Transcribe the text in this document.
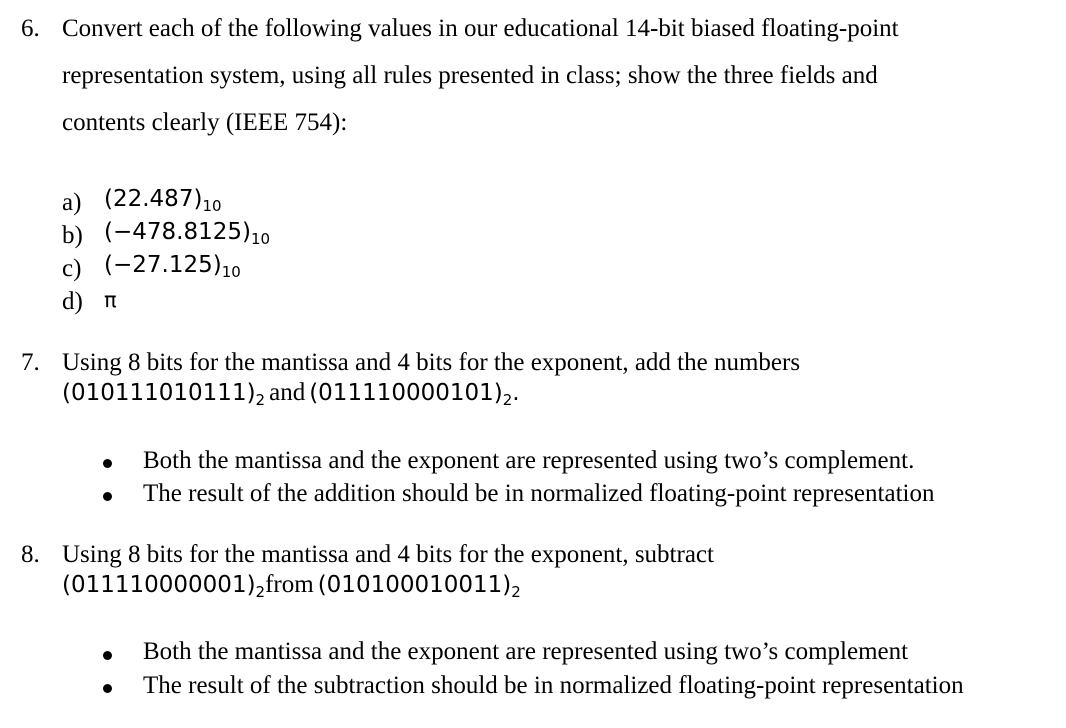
6. Convert each of the following values in our educational 14-bit biased floating-point
representation system, using all rules presented in class; show the three fields and
contents clearly (IEEE 754):
a) $(22.487)_{10}$
b) $(-478.8125)_{10}$
c) $(-27.125)_{10}$
d) π
7. Using 8 bits for the mantissa and 4 bits for the exponent, add the numbers
$(010111010111)_2$ and $(011110000101)_2$.
Both the mantissa and the exponent are represented using two’s complement.
The result of the addition should be in normalized floating-point representation
8. Using 8 bits for the mantissa and 4 bits for the exponent, subtract
$(011110000001)_2from$ $(010100010011)_2$
Both the mantissa and the exponent are represented using two’s complement
The result of the subtraction should be in normalized floating-point representation
